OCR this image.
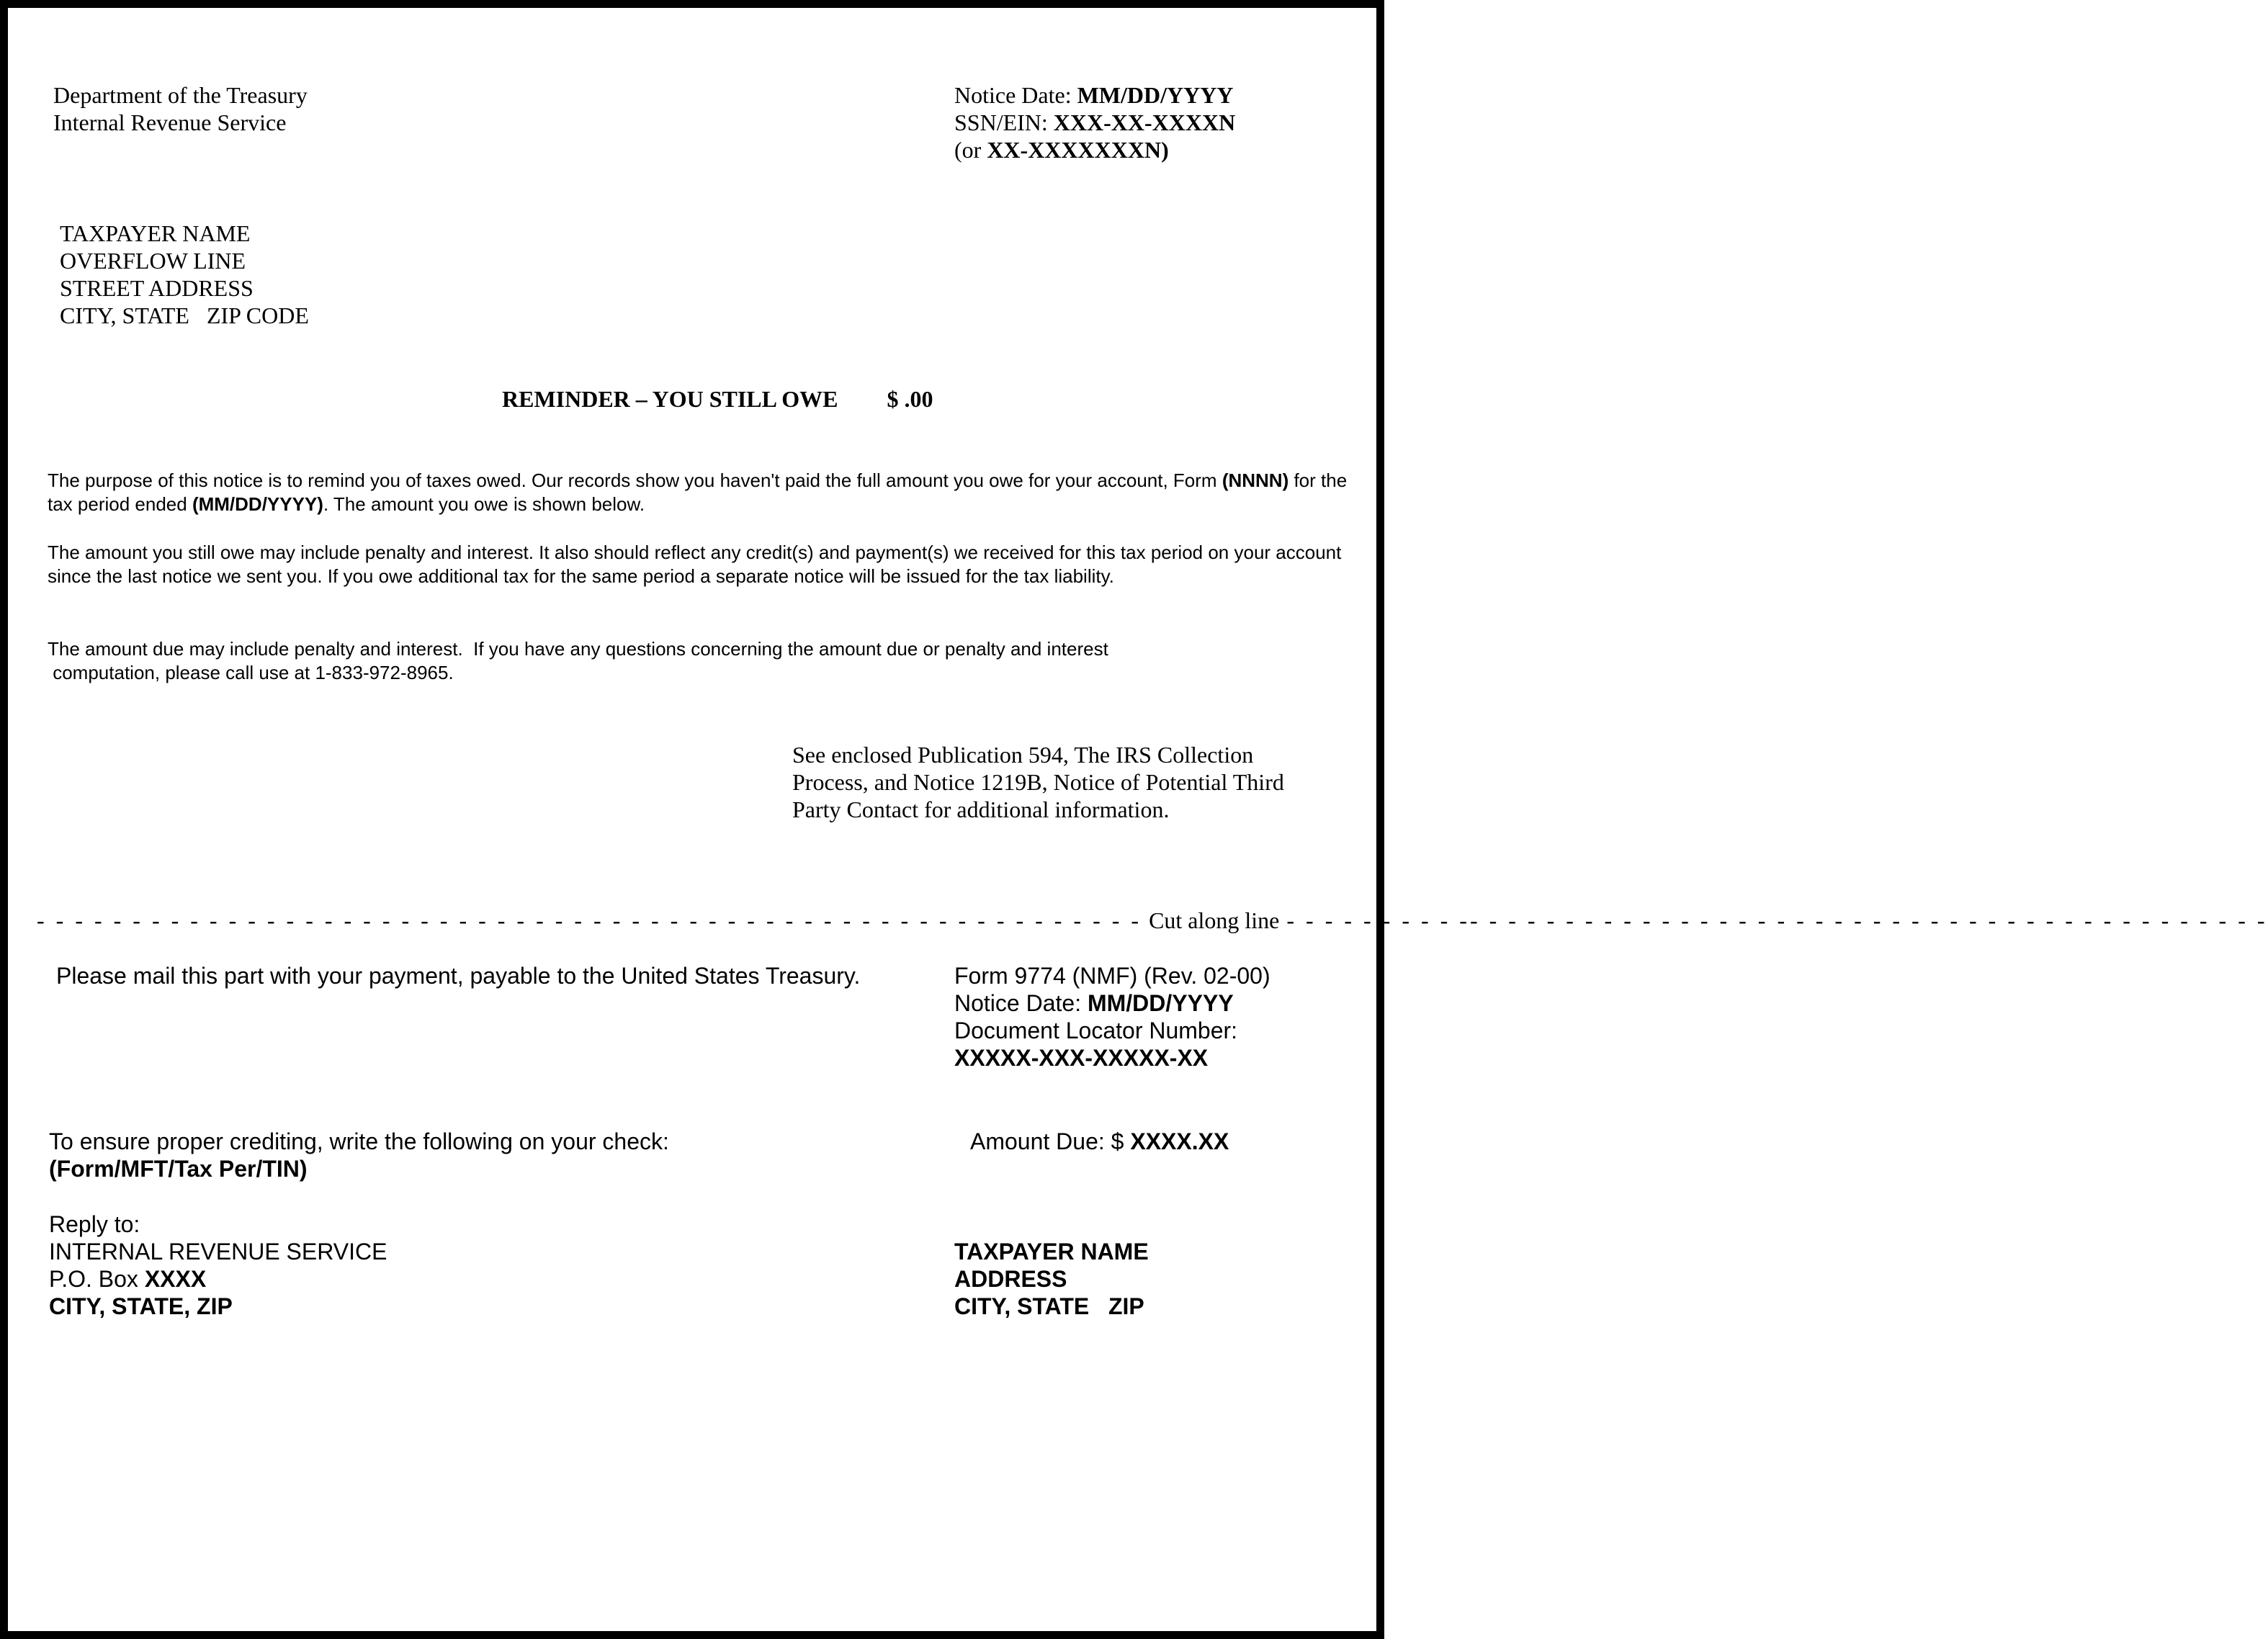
Department of the Treasury
Internal Revenue Service
Notice Date: MM/DD/YYYY
SSN/EIN: XXX-XX-XXXXN
(or XX-XXXXXXXN)
TAXPAYER NAME
OVERFLOW LINE
STREET ADDRESS
CITY, STATE   ZIP CODE
REMINDER – YOU STILL OWE $ .00
The purpose of this notice is to remind you of taxes owed. Our records show you haven't paid the full amount you owe for your account, Form (NNNN) for the tax period ended (MM/DD/YYYY). The amount you owe is shown below.
The amount you still owe may include penalty and interest. It also should reflect any credit(s) and payment(s) we received for this tax period on your account since the last notice we sent you. If you owe additional tax for the same period a separate notice will be issued for the tax liability.
The amount due may include penalty and interest.  If you have any questions concerning the amount due or penalty and interest
computation, please call use at 1-833-972-8965.
See enclosed Publication 594, The IRS Collection
Process, and Notice 1219B, Notice of Potential Third
Party Contact for additional information.
- - - - - - - - - - - - - - - - - - - - - - - - - - - - - - - - - - - - - - - - - - - - - - - - - - - - - - - - - - Cut along line - - - - - - - - - -- - - - - - - - - - - - - - - - - - - - - - - - - - - - - - - - - - - - - - - - - -
Please mail this part with your payment, payable to the United States Treasury.	Form 9774 (NMF) (Rev. 02-00)
Notice Date: MM/DD/YYYY
Document Locator Number:
XXXXX-XXX-XXXXX-XX
To ensure proper crediting, write the following on your check:
(Form/MFT/Tax Per/TIN)
Amount Due: $ XXXX.XX
Reply to:
INTERNAL REVENUE SERVICE
P.O. Box XXXX
CITY, STATE, ZIP
TAXPAYER NAME
ADDRESS
CITY, STATE   ZIP
